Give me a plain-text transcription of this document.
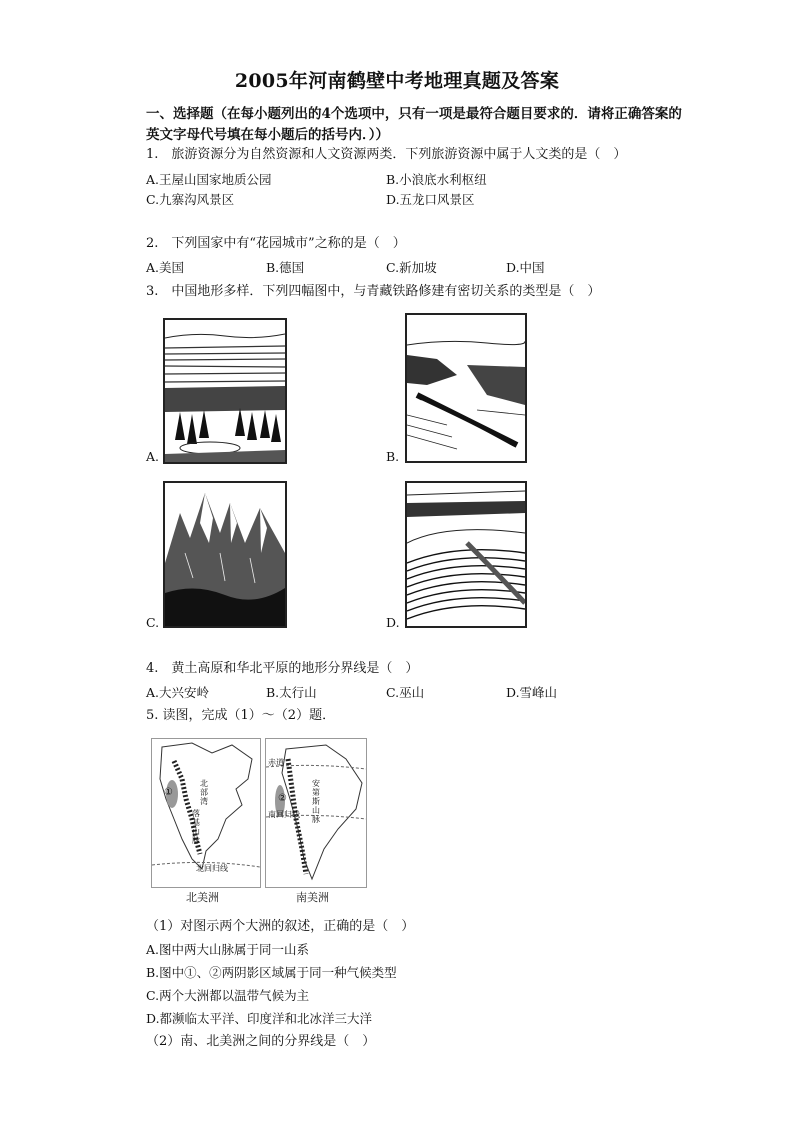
2005年河南鹤壁中考地理真题及答案
一、选择题（在每小题列出的4个选项中，只有一项是最符合题目要求的．请将正确答案的英文字母代号填在每小题后的括号内．））
1.　旅游资源分为自然资源和人文资源两类．下列旅游资源中属于人文类的是（　）
A.王屋山国家地质公园	B.小浪底水利枢纽
C.九寨沟风景区	D.五龙口风景区
2.　下列国家中有“花园城市”之称的是（　）
A.美国	B.德国	C.新加坡	D.中国
3.　中国地形多样．下列四幅图中，与青藏铁路修建有密切关系的类型是（　）
A.	B.
C.	D.
4.　黄土高原和华北平原的地形分界线是（　）
A.大兴安岭	B.太行山	C.巫山	D.雪峰山
5. 读图，完成（1）～（2）题．
①
北部湾
落基山脉
北回归线
北美洲
赤道
②
安第斯山脉
南回归线
南美洲
（1）对图示两个大洲的叙述，正确的是（　）
A.图中两大山脉属于同一山系
B.图中①、②两阴影区域属于同一种气候类型
C.两个大洲都以温带气候为主
D.都濒临太平洋、印度洋和北冰洋三大洋
（2）南、北美洲之间的分界线是（　）
